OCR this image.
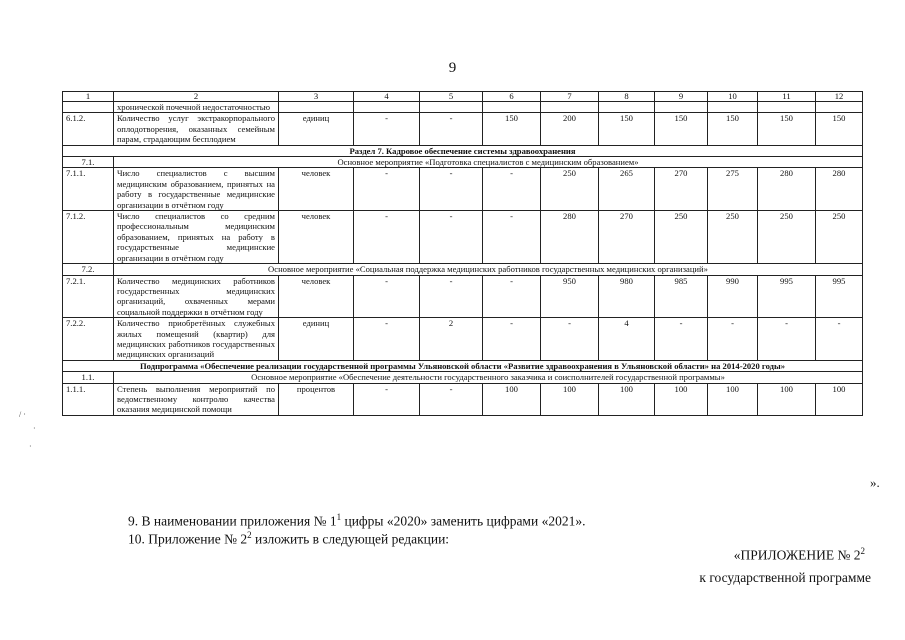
9
1	2	3	4	5	6	7	8	9	10	11	12
	хронической почечной недостаточностью										
6.1.2.	Количество услуг экстракорпорального оплодотворения, оказанных семейным парам, страдающим бесплодием	единиц	-	-	150	200	150	150	150	150	150
Раздел 7. Кадровое обеспечение системы здравоохранения											
7.1.	Основное мероприятие «Подготовка специалистов с медицинским образованием»										
7.1.1.	Число специалистов с высшим медицинским образованием, принятых на работу в государственные медицинские организации в отчётном году	человек	-	-	-	250	265	270	275	280	280
7.1.2.	Число специалистов со средним профессиональным медицинским образованием, принятых на работу в государственные медицинские организации в отчётном году	человек	-	-	-	280	270	250	250	250	250
7.2.	Основное мероприятие «Социальная поддержка медицинских работников государственных медицинских организаций»										
7.2.1.	Количество медицинских работников государственных медицинских организаций, охваченных мерами социальной поддержки в отчётном году	человек	-	-	-	950	980	985	990	995	995
7.2.2.	Количество приобретённых служебных жилых помещений (квартир) для медицинских работников государственных медицинских организаций	единиц	-	2	-	-	4	-	-	-	-
Подпрограмма «Обеспечение реализации государственной программы Ульяновской области «Развитие здравоохранения в Ульяновской области» на 2014-2020 годы»											
1.1.	Основное мероприятие «Обеспечение деятельности государственного заказчика и соисполнителей государственной программы»										
1.1.1.	Степень выполнения мероприятий по ведомственному контролю качества оказания медицинской помощи	процентов	-	-	100	100	100	100	100	100	100
».
9. В наименовании приложения № $1^1$ цифры «2020» заменить цифрами «2021».
10. Приложение № $2^2$ изложить в следующей редакции:
«ПРИЛОЖЕНИЕ № $2^2$
к государственной программе
/ ·
·
·
